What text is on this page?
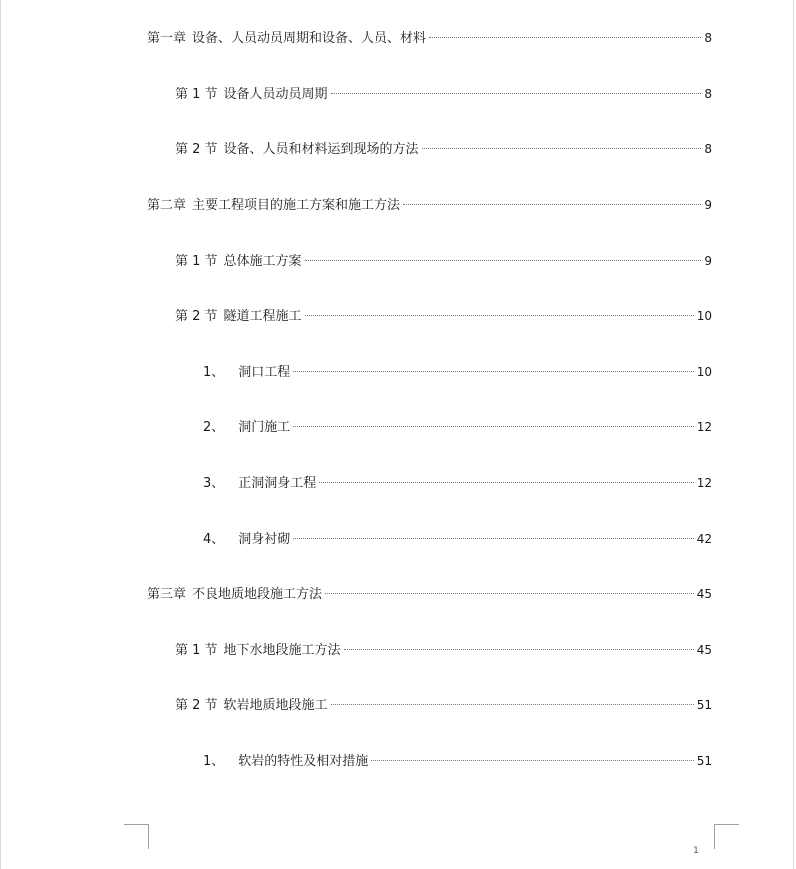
第一章 设备、人员动员周期和设备、人员、材料	8
第 1 节 设备人员动员周期	8
第 2 节 设备、人员和材料运到现场的方法	8
第二章 主要工程项目的施工方案和施工方法	9
第 1 节 总体施工方案	9
第 2 节 隧道工程施工	10
1、 洞口工程	10
2、 洞门施工	12
3、 正洞洞身工程	12
4、 洞身衬砌	42
第三章 不良地质地段施工方法	45
第 1 节 地下水地段施工方法	45
第 2 节 软岩地质地段施工	51
1、 软岩的特性及相对措施	51
1
